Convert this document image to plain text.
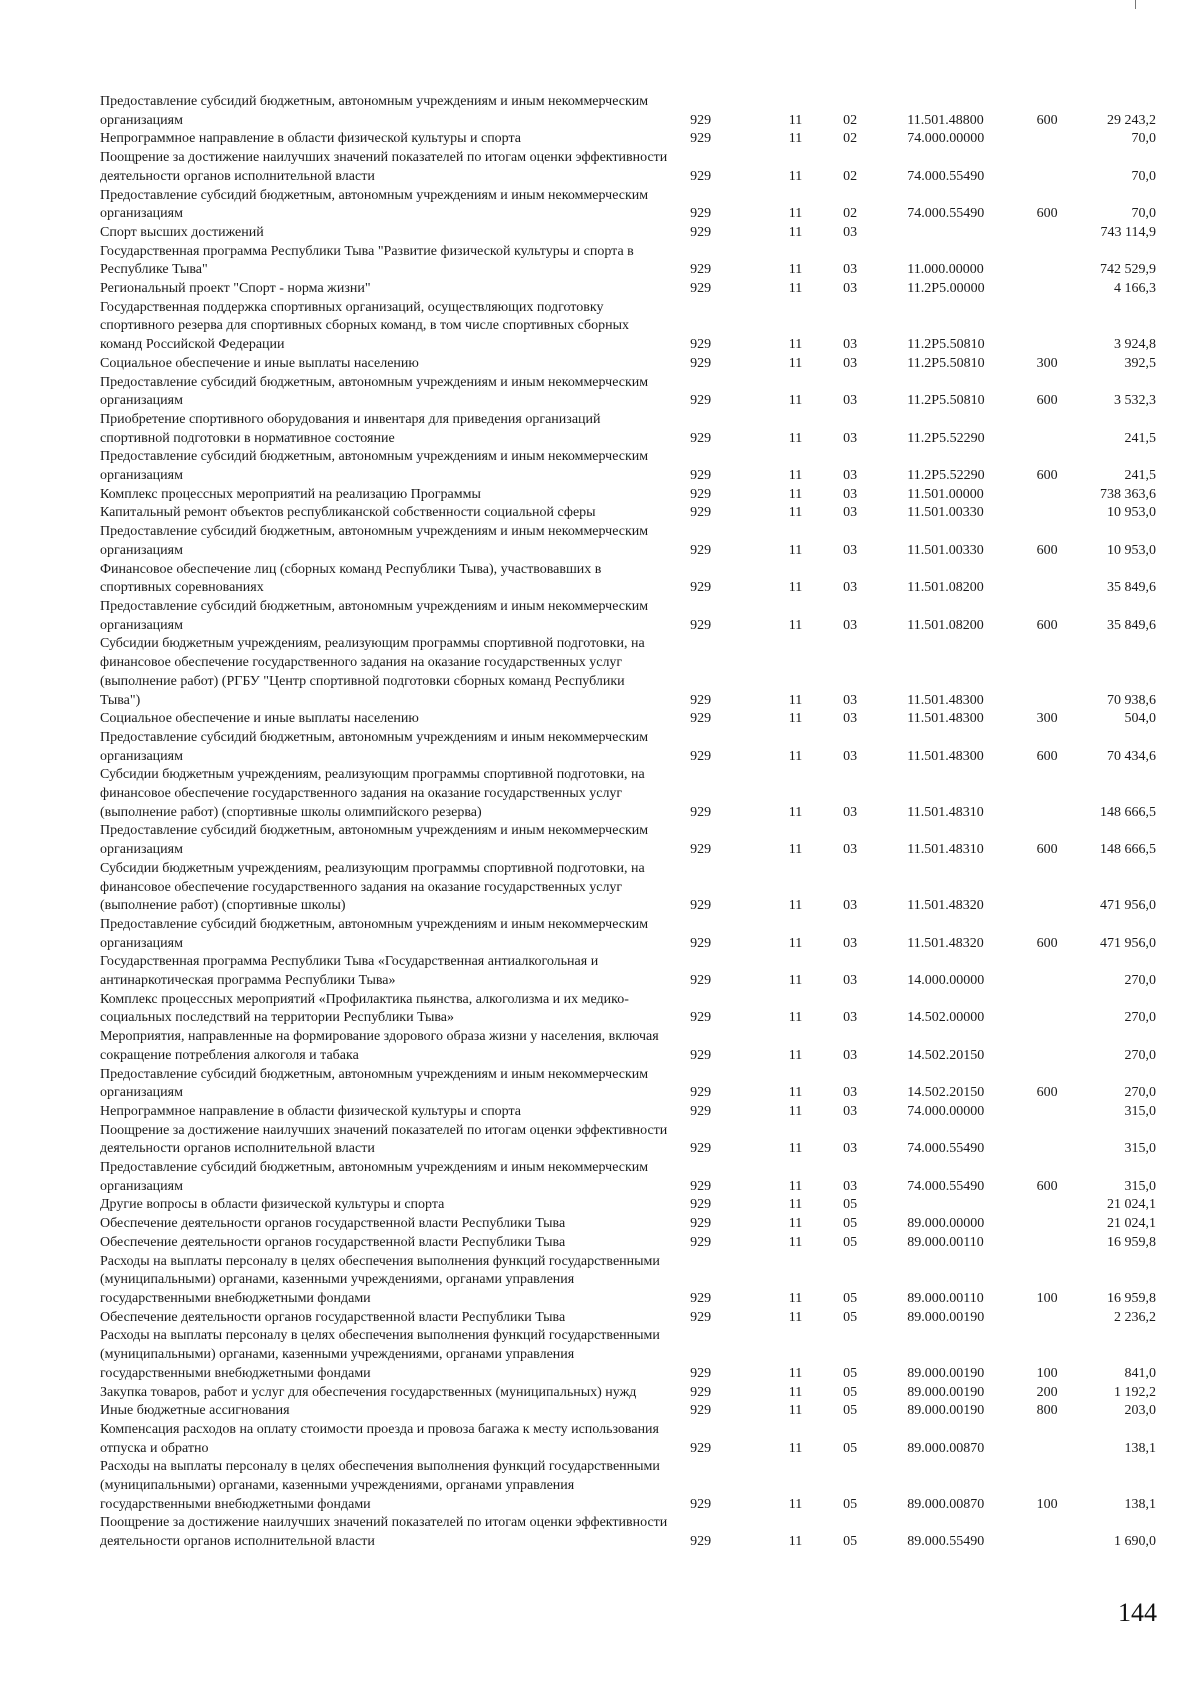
Предоставление субсидий бюджетным, автономным учреждениям и иным некоммерческим организациям	929	11	02	11.501.48800	600	29 243,2
Непрограммное направление в области физической культуры и спорта	929	11	02	74.000.00000	70,0
Поощрение за достижение наилучших значений показателей по итогам оценки эффективности деятельности органов исполнительной власти	929	11	02	74.000.55490	70,0
Предоставление субсидий бюджетным, автономным учреждениям и иным некоммерческим организациям	929	11	02	74.000.55490	600	70,0
Спорт высших достижений	929	11	03	743 114,9
Государственная программа Республики Тыва "Развитие физической культуры и спорта в Республике Тыва"	929	11	03	11.000.00000	742 529,9
Региональный проект "Спорт - норма жизни"	929	11	03	11.2P5.00000	4 166,3
Государственная поддержка спортивных организаций, осуществляющих подготовку спортивного резерва для спортивных сборных команд, в том числе спортивных сборных команд Российской Федерации	929	11	03	11.2P5.50810	3 924,8
Социальное обеспечение и иные выплаты населению	929	11	03	11.2P5.50810	300	392,5
Предоставление субсидий бюджетным, автономным учреждениям и иным некоммерческим организациям	929	11	03	11.2P5.50810	600	3 532,3
Приобретение спортивного оборудования и инвентаря для приведения организаций спортивной подготовки в нормативное состояние	929	11	03	11.2P5.52290	241,5
Предоставление субсидий бюджетным, автономным учреждениям и иным некоммерческим организациям	929	11	03	11.2P5.52290	600	241,5
Комплекс процессных мероприятий на реализацию Программы	929	11	03	11.501.00000	738 363,6
Капитальный ремонт объектов республиканской собственности социальной сферы	929	11	03	11.501.00330	10 953,0
Предоставление субсидий бюджетным, автономным учреждениям и иным некоммерческим организациям	929	11	03	11.501.00330	600	10 953,0
Финансовое обеспечение лиц (сборных команд Республики Тыва), участвовавших в спортивных соревнованиях	929	11	03	11.501.08200	35 849,6
Предоставление субсидий бюджетным, автономным учреждениям и иным некоммерческим организациям	929	11	03	11.501.08200	600	35 849,6
Субсидии бюджетным учреждениям, реализующим программы спортивной подготовки, на финансовое обеспечение государственного задания на оказание государственных услуг (выполнение работ) (РГБУ "Центр спортивной подготовки сборных команд Республики Тыва")	929	11	03	11.501.48300	70 938,6
Социальное обеспечение и иные выплаты населению	929	11	03	11.501.48300	300	504,0
Предоставление субсидий бюджетным, автономным учреждениям и иным некоммерческим организациям	929	11	03	11.501.48300	600	70 434,6
Субсидии бюджетным учреждениям, реализующим программы спортивной подготовки, на финансовое обеспечение государственного задания на оказание государственных услуг (выполнение работ) (спортивные школы олимпийского резерва)	929	11	03	11.501.48310	148 666,5
Предоставление субсидий бюджетным, автономным учреждениям и иным некоммерческим организациям	929	11	03	11.501.48310	600	148 666,5
Субсидии бюджетным учреждениям, реализующим программы спортивной подготовки, на финансовое обеспечение государственного задания на оказание государственных услуг (выполнение работ) (спортивные школы)	929	11	03	11.501.48320	471 956,0
Предоставление субсидий бюджетным, автономным учреждениям и иным некоммерческим организациям	929	11	03	11.501.48320	600	471 956,0
Государственная программа Республики Тыва «Государственная антиалкогольная и антинаркотическая программа Республики Тыва»	929	11	03	14.000.00000	270,0
Комплекс процессных мероприятий «Профилактика пьянства, алкоголизма и их медико-социальных последствий на территории Республики Тыва»	929	11	03	14.502.00000	270,0
Мероприятия, направленные на формирование здорового образа жизни у населения, включая сокращение потребления алкоголя и табака	929	11	03	14.502.20150	270,0
Предоставление субсидий бюджетным, автономным учреждениям и иным некоммерческим организациям	929	11	03	14.502.20150	600	270,0
Непрограммное направление в области физической культуры и спорта	929	11	03	74.000.00000	315,0
Поощрение за достижение наилучших значений показателей по итогам оценки эффективности деятельности органов исполнительной власти	929	11	03	74.000.55490	315,0
Предоставление субсидий бюджетным, автономным учреждениям и иным некоммерческим организациям	929	11	03	74.000.55490	600	315,0
Другие вопросы в области физической культуры и спорта	929	11	05	21 024,1
Обеспечение деятельности органов государственной власти Республики Тыва	929	11	05	89.000.00000	21 024,1
Обеспечение деятельности органов государственной власти Республики Тыва	929	11	05	89.000.00110	16 959,8
Расходы на выплаты персоналу в целях обеспечения выполнения функций государственными (муниципальными) органами, казенными учреждениями, органами управления государственными внебюджетными фондами	929	11	05	89.000.00110	100	16 959,8
Обеспечение деятельности органов государственной власти Республики Тыва	929	11	05	89.000.00190	2 236,2
Расходы на выплаты персоналу в целях обеспечения выполнения функций государственными (муниципальными) органами, казенными учреждениями, органами управления государственными внебюджетными фондами	929	11	05	89.000.00190	100	841,0
Закупка товаров, работ и услуг для обеспечения государственных (муниципальных) нужд	929	11	05	89.000.00190	200	1 192,2
Иные бюджетные ассигнования	929	11	05	89.000.00190	800	203,0
Компенсация расходов на оплату стоимости проезда и провоза багажа к месту использования отпуска и обратно	929	11	05	89.000.00870	138,1
Расходы на выплаты персоналу в целях обеспечения выполнения функций государственными (муниципальными) органами, казенными учреждениями, органами управления государственными внебюджетными фондами	929	11	05	89.000.00870	100	138,1
Поощрение за достижение наилучших значений показателей по итогам оценки эффективности деятельности органов исполнительной власти	929	11	05	89.000.55490	1 690,0
144
